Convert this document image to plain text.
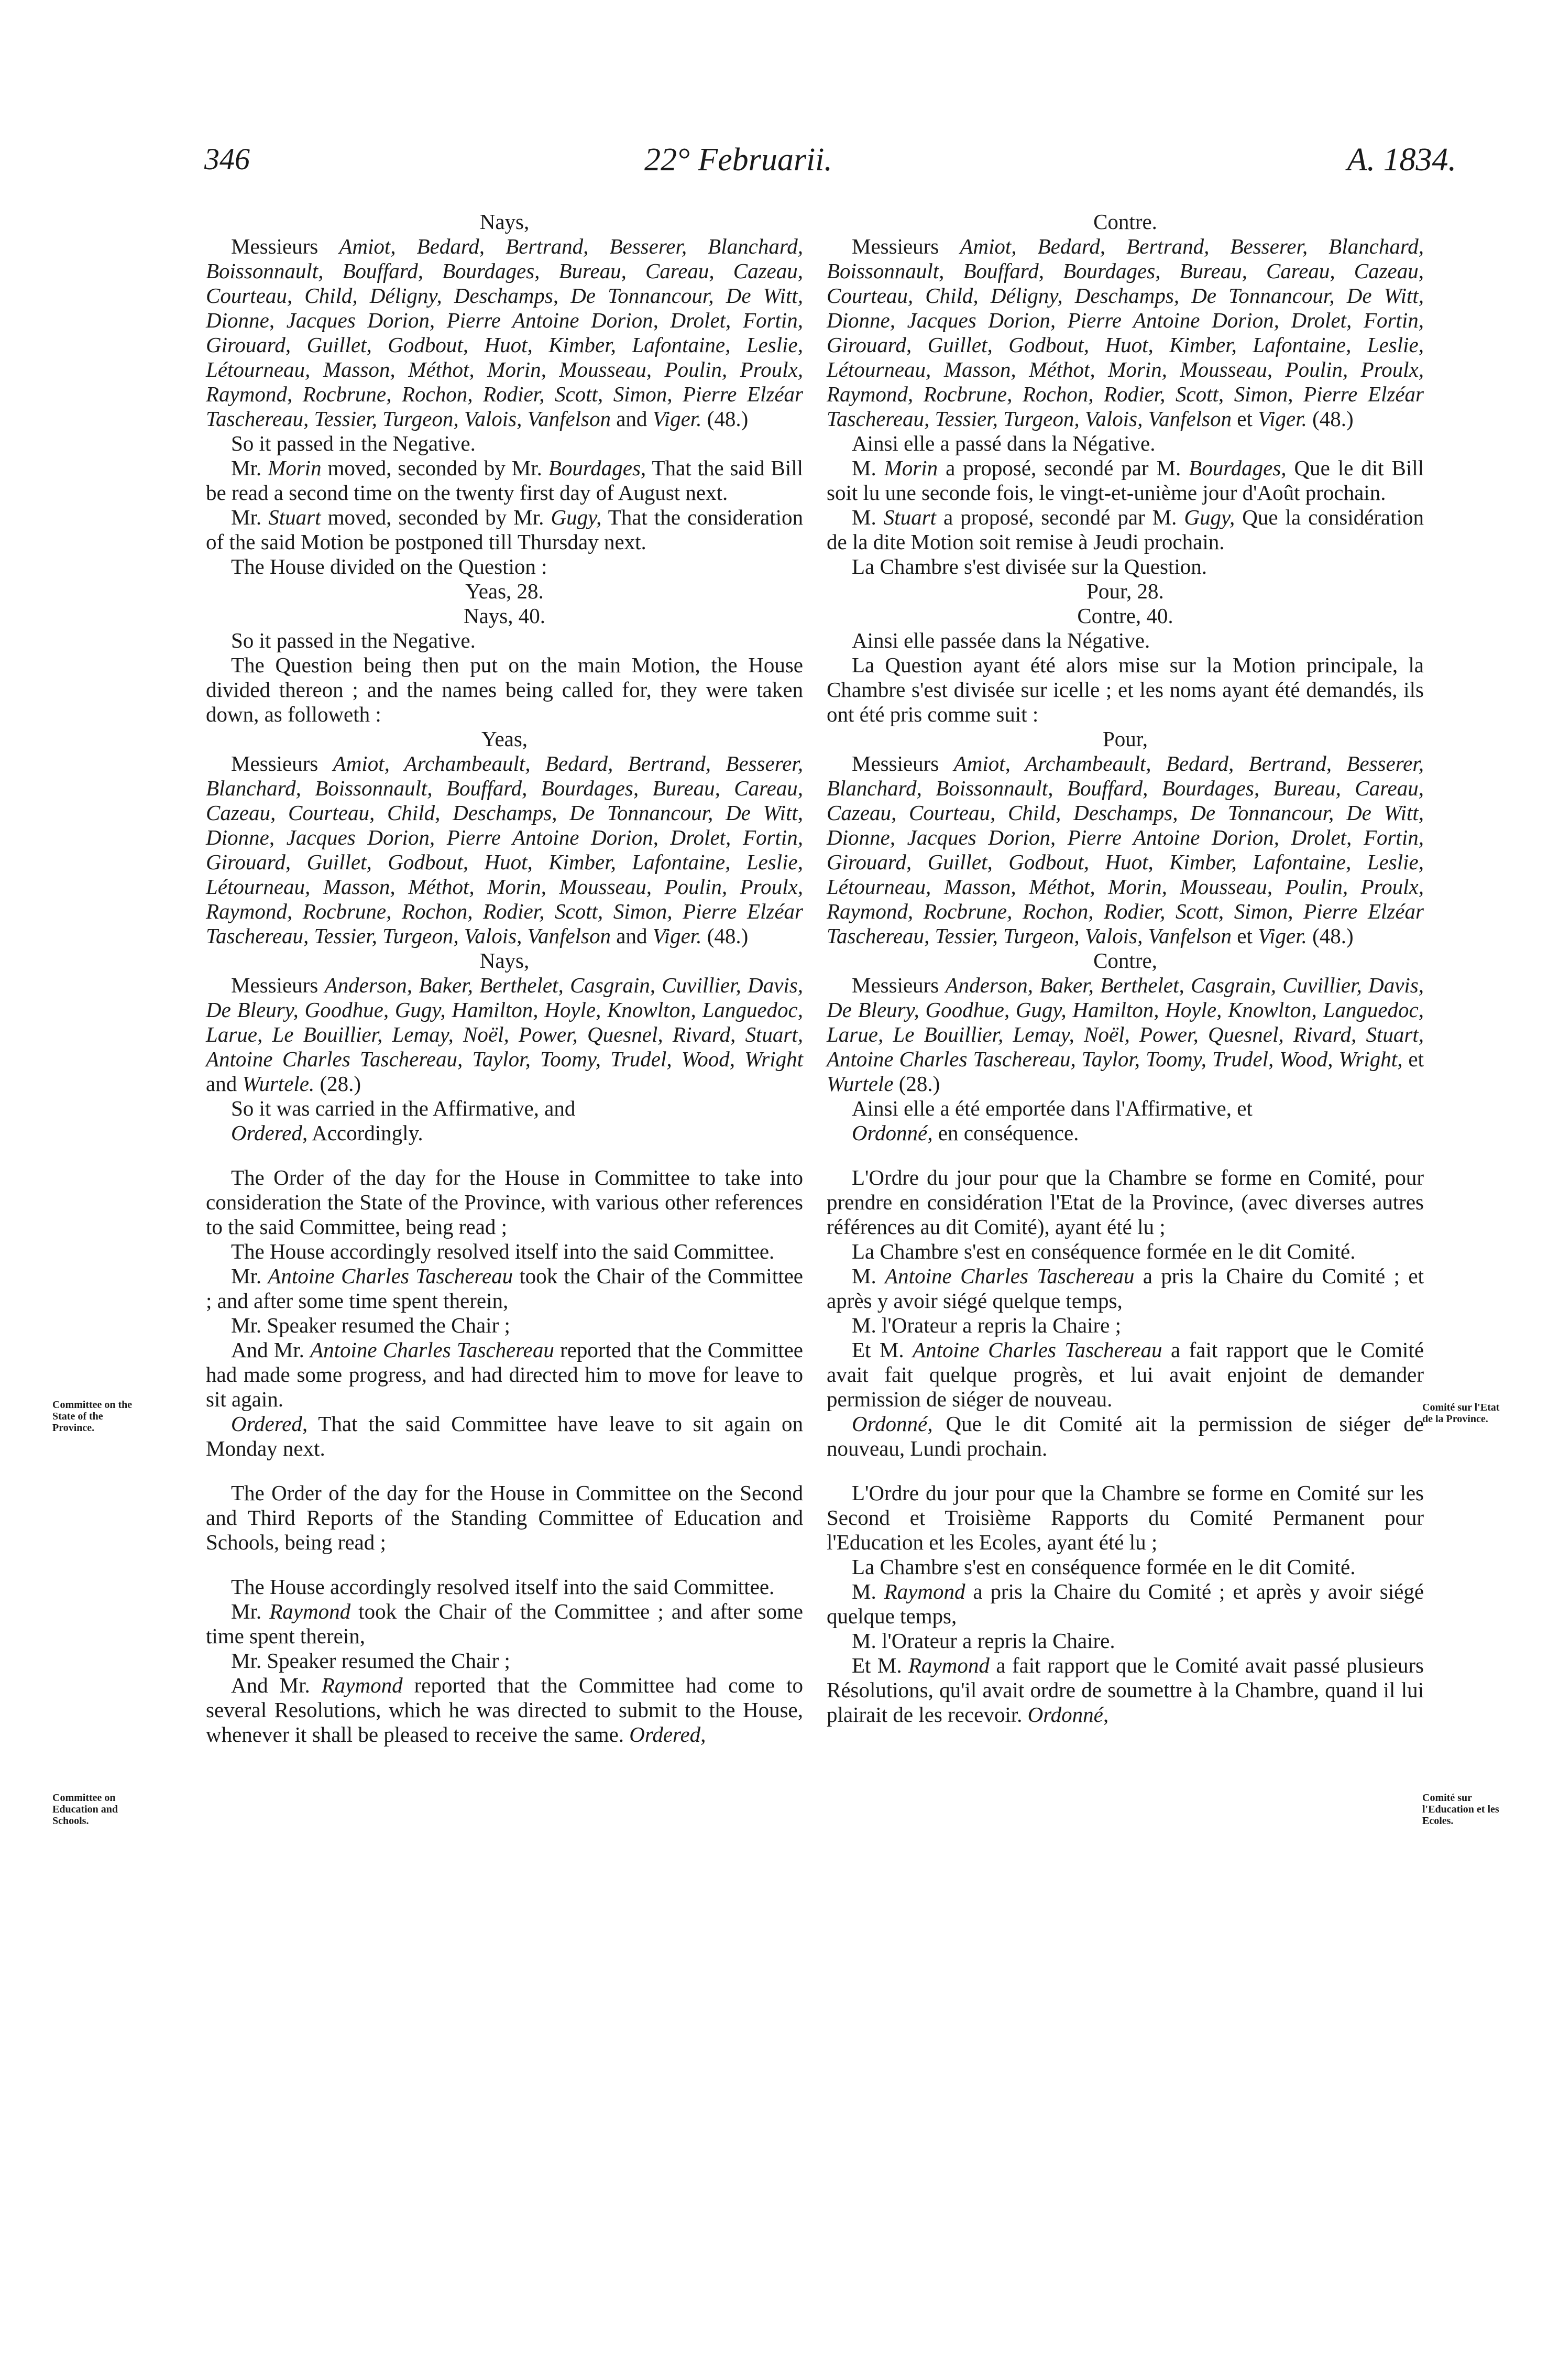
346	22° Februarii.	A. 1834.

Nays,

Messieurs Amiot, Bedard, Bertrand, Besserer, Blanchard, Boissonnault, Bouffard, Bourdages, Bureau, Careau, Cazeau, Courteau, Child, Déligny, Deschamps, De Tonnancour, De Witt, Dionne, Jacques Dorion, Pierre Antoine Dorion, Drolet, Fortin, Girouard, Guillet, Godbout, Huot, Kimber, Lafontaine, Leslie, Létourneau, Masson, Méthot, Morin, Mousseau, Poulin, Proulx, Raymond, Rocbrune, Rochon, Rodier, Scott, Simon, Pierre Elzéar Taschereau, Tessier, Turgeon, Valois, Vanfelson and Viger. (48.)

So it passed in the Negative.

Mr. Morin moved, seconded by Mr. Bourdages, That the said Bill be read a second time on the twenty first day of August next.

Mr. Stuart moved, seconded by Mr. Gugy, That the consideration of the said Motion be postponed till Thursday next.

The House divided on the Question :

Yeas, 28.

Nays, 40.

So it passed in the Negative.

The Question being then put on the main Motion, the House divided thereon ; and the names being called for, they were taken down, as followeth :

Yeas,

Messieurs Amiot, Archambeault, Bedard, Bertrand, Besserer, Blanchard, Boissonnault, Bouffard, Bourdages, Bureau, Careau, Cazeau, Courteau, Child, Deschamps, De Tonnancour, De Witt, Dionne, Jacques Dorion, Pierre Antoine Dorion, Drolet, Fortin, Girouard, Guillet, Godbout, Huot, Kimber, Lafontaine, Leslie, Létourneau, Masson, Méthot, Morin, Mousseau, Poulin, Proulx, Raymond, Rocbrune, Rochon, Rodier, Scott, Simon, Pierre Elzéar Taschereau, Tessier, Turgeon, Valois, Vanfelson and Viger. (48.)

Nays,

Messieurs Anderson, Baker, Berthelet, Casgrain, Cuvillier, Davis, De Bleury, Goodhue, Gugy, Hamilton, Hoyle, Knowlton, Languedoc, Larue, Le Bouillier, Lemay, Noël, Power, Quesnel, Rivard, Stuart, Antoine Charles Taschereau, Taylor, Toomy, Trudel, Wood, Wright and Wurtele. (28.)

So it was carried in the Affirmative, and

Ordered, Accordingly.

The Order of the day for the House in Committee to take into consideration the State of the Province, with various other references to the said Committee, being read ;

The House accordingly resolved itself into the said Committee.

Mr. Antoine Charles Taschereau took the Chair of the Committee ; and after some time spent therein,

Mr. Speaker resumed the Chair ;

And Mr. Antoine Charles Taschereau reported that the Committee had made some progress, and had directed him to move for leave to sit again.

Ordered, That the said Committee have leave to sit again on Monday next.

The Order of the day for the House in Committee on the Second and Third Reports of the Standing Committee of Education and Schools, being read ;

The House accordingly resolved itself into the said Committee.

Mr. Raymond took the Chair of the Committee ; and after some time spent therein,

Mr. Speaker resumed the Chair ;

And Mr. Raymond reported that the Committee had come to several Resolutions, which he was directed to submit to the House, whenever it shall be pleased to receive the same. Ordered,

Contre.

Messieurs Amiot, Bedard, Bertrand, Besserer, Blanchard, Boissonnault, Bouffard, Bourdages, Bureau, Careau, Cazeau, Courteau, Child, Déligny, Deschamps, De Tonnancour, De Witt, Dionne, Jacques Dorion, Pierre Antoine Dorion, Drolet, Fortin, Girouard, Guillet, Godbout, Huot, Kimber, Lafontaine, Leslie, Létourneau, Masson, Méthot, Morin, Mousseau, Poulin, Proulx, Raymond, Rocbrune, Rochon, Rodier, Scott, Simon, Pierre Elzéar Taschereau, Tessier, Turgeon, Valois, Vanfelson et Viger. (48.)

Ainsi elle a passé dans la Négative.

M. Morin a proposé, secondé par M. Bourdages, Que le dit Bill soit lu une seconde fois, le vingt-et-unième jour d'Août prochain.

M. Stuart a proposé, secondé par M. Gugy, Que la considération de la dite Motion soit remise à Jeudi prochain.

La Chambre s'est divisée sur la Question.

Pour, 28.

Contre, 40.

Ainsi elle passée dans la Négative.

La Question ayant été alors mise sur la Motion principale, la Chambre s'est divisée sur icelle ; et les noms ayant été demandés, ils ont été pris comme suit :

Pour,

Messieurs Amiot, Archambeault, Bedard, Bertrand, Besserer, Blanchard, Boissonnault, Bouffard, Bourdages, Bureau, Careau, Cazeau, Courteau, Child, Deschamps, De Tonnancour, De Witt, Dionne, Jacques Dorion, Pierre Antoine Dorion, Drolet, Fortin, Girouard, Guillet, Godbout, Huot, Kimber, Lafontaine, Leslie, Létourneau, Masson, Méthot, Morin, Mousseau, Poulin, Proulx, Raymond, Rocbrune, Rochon, Rodier, Scott, Simon, Pierre Elzéar Taschereau, Tessier, Turgeon, Valois, Vanfelson et Viger. (48.)

Contre,

Messieurs Anderson, Baker, Berthelet, Casgrain, Cuvillier, Davis, De Bleury, Goodhue, Gugy, Hamilton, Hoyle, Knowlton, Languedoc, Larue, Le Bouillier, Lemay, Noël, Power, Quesnel, Rivard, Stuart, Antoine Charles Taschereau, Taylor, Toomy, Trudel, Wood, Wright, et Wurtele (28.)

Ainsi elle a été emportée dans l'Affirmative, et

Ordonné, en conséquence.

L'Ordre du jour pour que la Chambre se forme en Comité, pour prendre en considération l'Etat de la Province, (avec diverses autres références au dit Comité), ayant été lu ;

La Chambre s'est en conséquence formée en le dit Comité.

M. Antoine Charles Taschereau a pris la Chaire du Comité ; et après y avoir siégé quelque temps,

M. l'Orateur a repris la Chaire ;

Et M. Antoine Charles Taschereau a fait rapport que le Comité avait fait quelque progrès, et lui avait enjoint de demander permission de siéger de nouveau.

Ordonné, Que le dit Comité ait la permission de siéger de nouveau, Lundi prochain.

L'Ordre du jour pour que la Chambre se forme en Comité sur les Second et Troisième Rapports du Comité Permanent pour l'Education et les Ecoles, ayant été lu ;

La Chambre s'est en conséquence formée en le dit Comité.

M. Raymond a pris la Chaire du Comité ; et après y avoir siégé quelque temps,

M. l'Orateur a repris la Chaire.

Et M. Raymond a fait rapport que le Comité avait passé plusieurs Résolutions, qu'il avait ordre de soumettre à la Chambre, quand il lui plairait de les recevoir. Ordonné,

Committee on the State of the Province.
Committee on Education and Schools.
Comité sur l'Etat de la Province.
Comité sur l'Education et les Ecoles.
